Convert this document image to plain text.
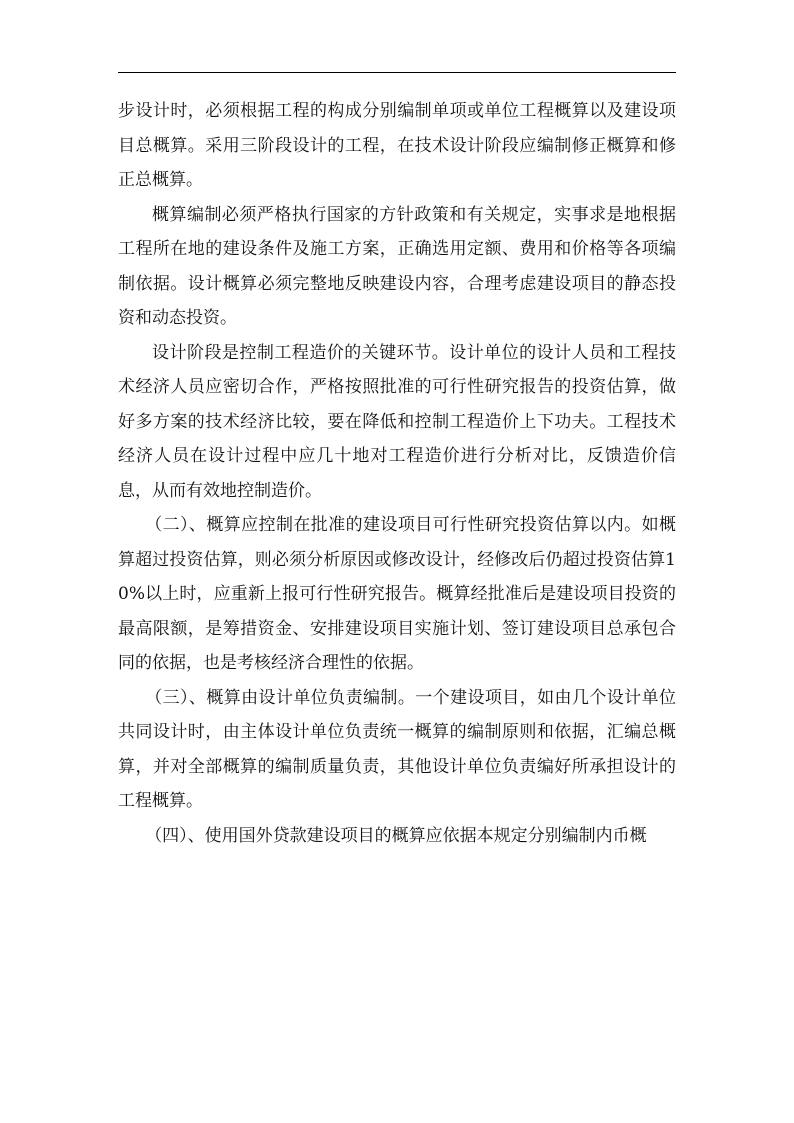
步设计时，必须根据工程的构成分别编制单项或单位工程概算以及建设项目总概算。采用三阶段设计的工程，在技术设计阶段应编制修正概算和修正总概算。

概算编制必须严格执行国家的方针政策和有关规定，实事求是地根据工程所在地的建设条件及施工方案，正确选用定额、费用和价格等各项编制依据。设计概算必须完整地反映建设内容，合理考虑建设项目的静态投资和动态投资。

设计阶段是控制工程造价的关键环节。设计单位的设计人员和工程技术经济人员应密切合作，严格按照批准的可行性研究报告的投资估算，做好多方案的技术经济比较，要在降低和控制工程造价上下功夫。工程技术经济人员在设计过程中应几十地对工程造价进行分析对比，反馈造价信息，从而有效地控制造价。

（二）、概算应控制在批准的建设项目可行性研究投资估算以内。如概算超过投资估算，则必须分析原因或修改设计，经修改后仍超过投资估算10%以上时，应重新上报可行性研究报告。概算经批准后是建设项目投资的最高限额，是筹措资金、安排建设项目实施计划、签订建设项目总承包合同的依据，也是考核经济合理性的依据。

（三）、概算由设计单位负责编制。一个建设项目，如由几个设计单位共同设计时，由主体设计单位负责统一概算的编制原则和依据，汇编总概算，并对全部概算的编制质量负责，其他设计单位负责编好所承担设计的工程概算。

（四）、使用国外贷款建设项目的概算应依据本规定分别编制内币概
